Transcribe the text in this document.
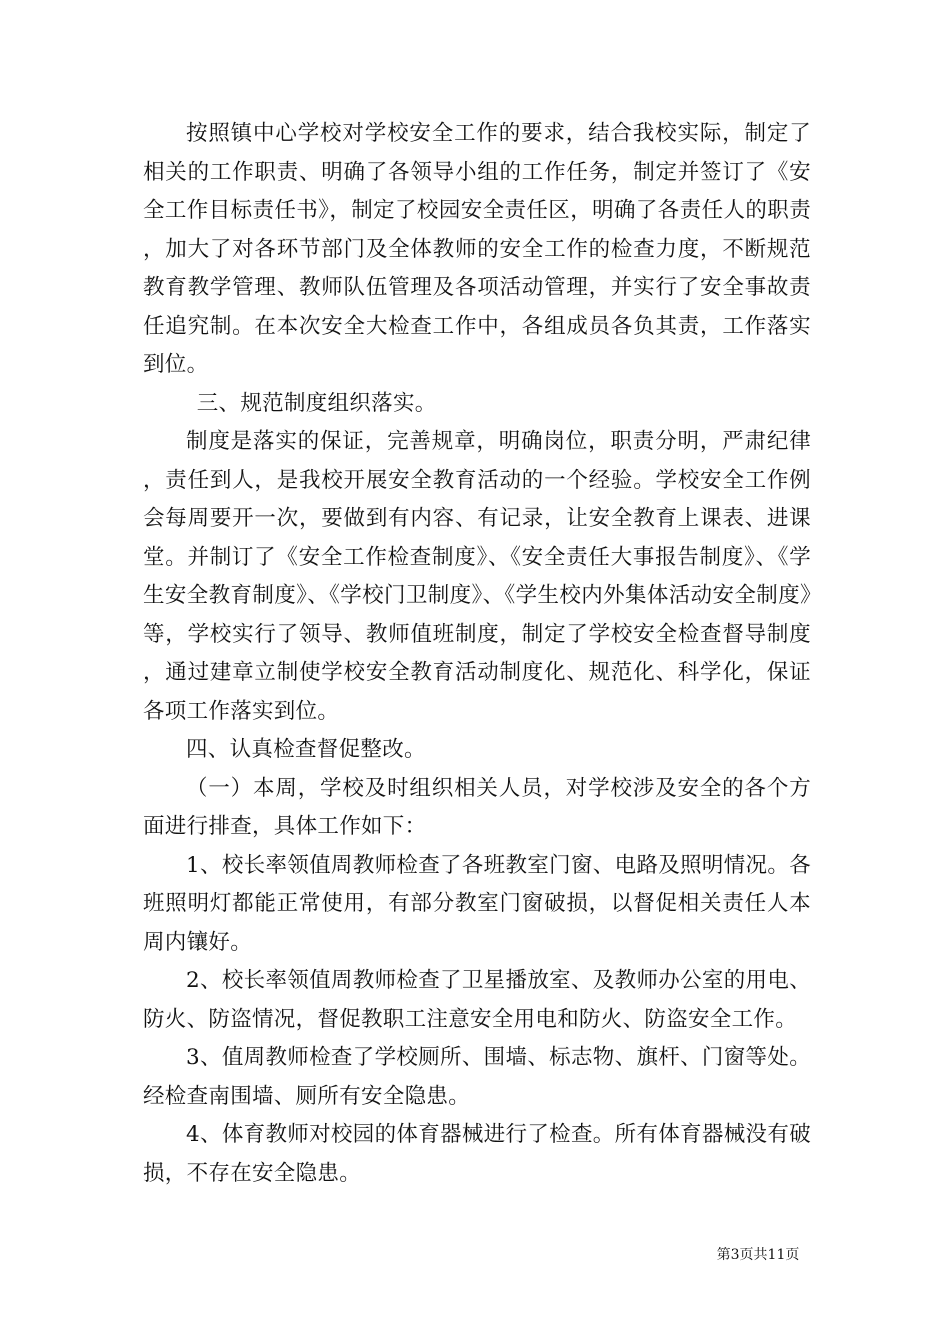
按照镇中心学校对学校安全工作的要求，结合我校实际，制定了相关的工作职责、明确了各领导小组的工作任务，制定并签订了《安全工作目标责任书》，制定了校园安全责任区，明确了各责任人的职责，加大了对各环节部门及全体教师的安全工作的检查力度，不断规范教育教学管理、教师队伍管理及各项活动管理，并实行了安全事故责任追究制。在本次安全大检查工作中，各组成员各负其责，工作落实到位。

三、规范制度组织落实。

制度是落实的保证，完善规章，明确岗位，职责分明，严肃纪律，责任到人，是我校开展安全教育活动的一个经验。学校安全工作例会每周要开一次，要做到有内容、有记录，让安全教育上课表、进课堂。并制订了《安全工作检查制度》、《安全责任大事报告制度》、《学生安全教育制度》、《学校门卫制度》、《学生校内外集体活动安全制度》等，学校实行了领导、教师值班制度，制定了学校安全检查督导制度，通过建章立制使学校安全教育活动制度化、规范化、科学化，保证各项工作落实到位。

四、认真检查督促整改。

（一）本周，学校及时组织相关人员，对学校涉及安全的各个方面进行排查，具体工作如下：

1、校长率领值周教师检查了各班教室门窗、电路及照明情况。各班照明灯都能正常使用，有部分教室门窗破损，以督促相关责任人本周内镶好。

2、校长率领值周教师检查了卫星播放室、及教师办公室的用电、防火、防盗情况，督促教职工注意安全用电和防火、防盗安全工作。

3、值周教师检查了学校厕所、围墙、标志物、旗杆、门窗等处。经检查南围墙、厕所有安全隐患。

4、体育教师对校园的体育器械进行了检查。所有体育器械没有破损，不存在安全隐患。

第3页共11页
